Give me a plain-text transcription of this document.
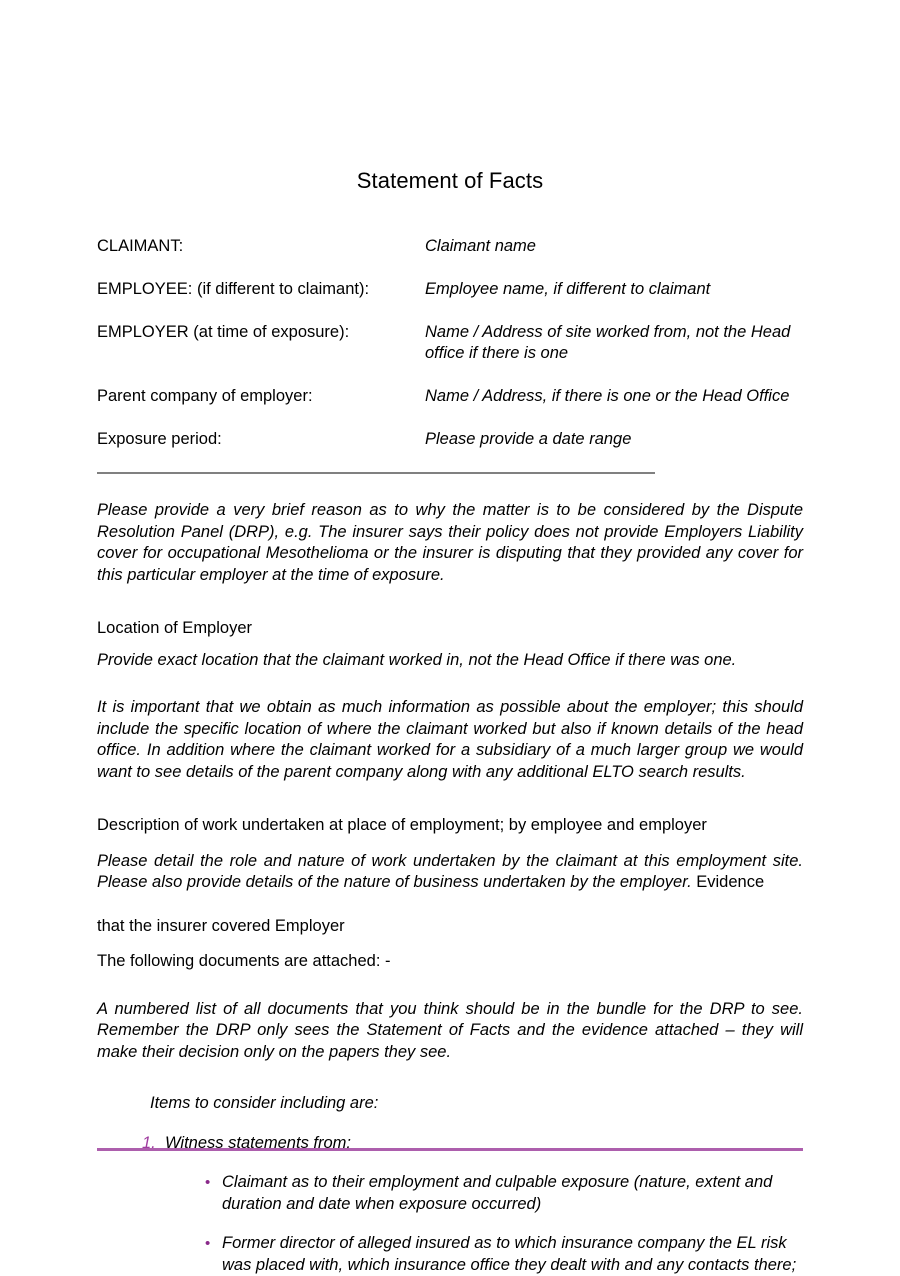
Statement of Facts
CLAIMANT:	Claimant name
EMPLOYEE: (if different to claimant):	Employee name, if different to claimant
EMPLOYER (at time of exposure):	Name / Address of site worked from, not the Head office if there is one
Parent company of employer:	Name / Address, if there is one or the Head Office
Exposure period:	Please provide a date range

Please provide a very brief reason as to why the matter is to be considered by the Dispute Resolution Panel (DRP), e.g. The insurer says their policy does not provide Employers Liability cover for occupational Mesothelioma or the insurer is disputing that they provided any cover for this particular employer at the time of exposure.

Location of Employer

Provide exact location that the claimant worked in, not the Head Office if there was one.

It is important that we obtain as much information as possible about the employer; this should include the specific location of where the claimant worked but also if known details of the head office. In addition where the claimant worked for a subsidiary of a much larger group we would want to see details of the parent company along with any additional ELTO search results.

Description of work undertaken at place of employment; by employee and employer

Please detail the role and nature of work undertaken by the claimant at this employment site. Please also provide details of the nature of business undertaken by the employer. Evidence

that the insurer covered Employer

The following documents are attached: -

A numbered list of all documents that you think should be in the bundle for the DRP to see. Remember the DRP only sees the Statement of Facts and the evidence attached – they will make their decision only on the papers they see.

Items to consider including are:

1. Witness statements from:
• Claimant as to their employment and culpable exposure (nature, extent and duration and date when exposure occurred)
• Former director of alleged insured as to which insurance company the EL risk was placed with, which insurance office they dealt with and any contacts there;
